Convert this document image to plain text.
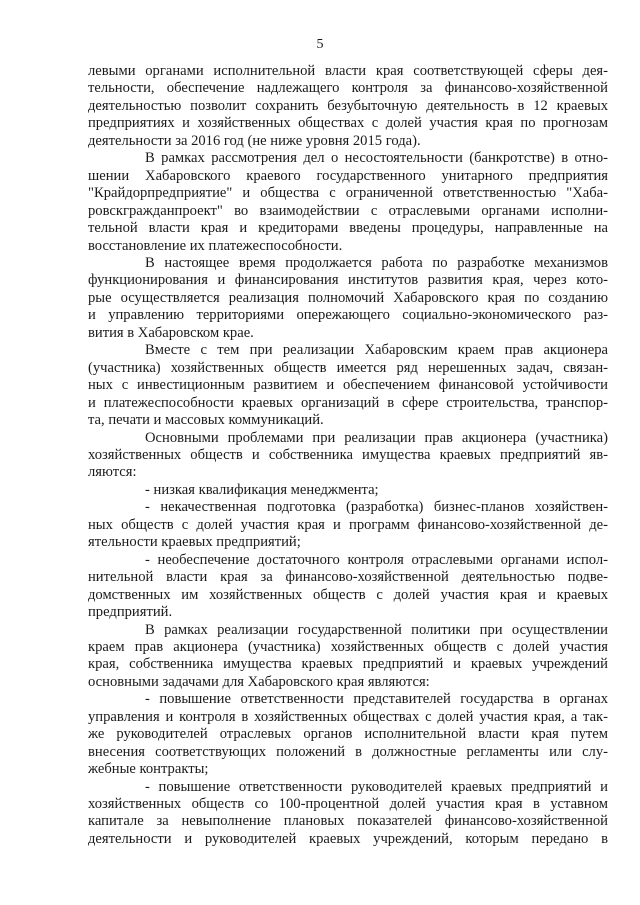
5

левыми органами исполнительной власти края соответствующей сферы дея-
тельности, обеспечение надлежащего контроля за финансово-хозяйственной
деятельностью позволит сохранить безубыточную деятельность в 12 краевых
предприятиях и хозяйственных обществах с долей участия края по прогнозам
деятельности за 2016 год (не ниже уровня 2015 года).

В рамках рассмотрения дел о несостоятельности (банкротстве) в отно-
шении Хабаровского краевого государственного унитарного предприятия
"Крайдорпредприятие" и общества с ограниченной ответственностью "Хаба-
ровскгражданпроект" во взаимодействии с отраслевыми органами исполни-
тельной власти края и кредиторами введены процедуры, направленные на
восстановление их платежеспособности.

В настоящее время продолжается работа по разработке механизмов
функционирования и финансирования институтов развития края, через кото-
рые осуществляется реализация полномочий Хабаровского края по созданию
и управлению территориями опережающего социально-экономического раз-
вития в Хабаровском крае.

Вместе с тем при реализации Хабаровским краем прав акционера
(участника) хозяйственных обществ имеется ряд нерешенных задач, связан-
ных с инвестиционным развитием и обеспечением финансовой устойчивости
и платежеспособности краевых организаций в сфере строительства, транспор-
та, печати и массовых коммуникаций.

Основными проблемами при реализации прав акционера (участника)
хозяйственных обществ и собственника имущества краевых предприятий яв-
ляются:

- низкая квалификация менеджмента;

- некачественная подготовка (разработка) бизнес-планов хозяйствен-
ных обществ с долей участия края и программ финансово-хозяйственной де-
ятельности краевых предприятий;

- необеспечение достаточного контроля отраслевыми органами испол-
нительной власти края за финансово-хозяйственной деятельностью подве-
домственных им хозяйственных обществ с долей участия края и краевых
предприятий.

В рамках реализации государственной политики при осуществлении
краем прав акционера (участника) хозяйственных обществ с долей участия
края, собственника имущества краевых предприятий и краевых учреждений
основными задачами для Хабаровского края являются:

- повышение ответственности представителей государства в органах
управления и контроля в хозяйственных обществах с долей участия края, а так-
же руководителей отраслевых органов исполнительной власти края путем
внесения соответствующих положений в должностные регламенты или слу-
жебные контракты;

- повышение ответственности руководителей краевых предприятий и
хозяйственных обществ со 100-процентной долей участия края в уставном
капитале за невыполнение плановых показателей финансово-хозяйственной
деятельности и руководителей краевых учреждений, которым передано в
